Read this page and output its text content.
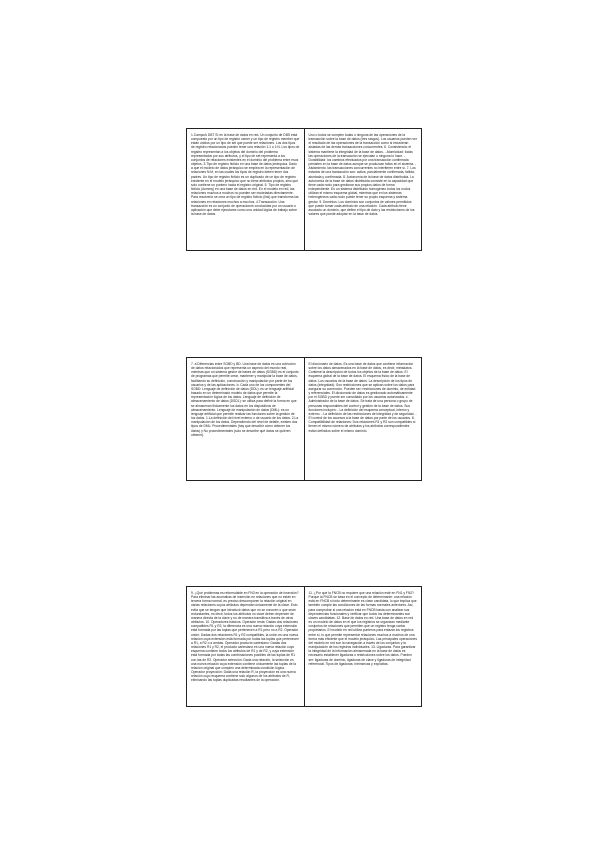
1.Campo/s DBT Sí en la base de datos en red. Un conjunto de DBS está compuesto por un tipo de registro owner y un tipo de registro member que están unidos por un tipo de set que puede ser relaciones. Los dos tipos de registro relacionados pueden tener una relación 1:1 o 1:N. Los tipos de registro representan a los objetos del dominio del problema representados por sus atributos, y el tipo de set representa a los conjuntos de relaciones existentes en el dominio del problema entre esos objetos. 3.Tipo de registro ficticio en una base de datos jerárquica. Dado a que el modelo de datos jerárquico se emplea en la representación de relaciones N:M, en las cuales los tipos de registro deben tener dos padres. Un tipo de registro ficticio es un duplicado de un tipo de registro existente en el modelo jerárquico que no tiene atributos propios, sino que solo contiene un puntero hacia el registro original. 5. Tipo de registro ficticio (dummy) en una base de datos en red. En el modelo en red, las relaciones muchos a muchos no pueden ser modeladas directamente. Para resolverlo se crea un tipo de registro ficticio (link) que transforma las relaciones en relaciones muchos a muchos. 4.Transacción. Una transacción es un conjunto de operaciones conducidas por un usuario o aplicación que debe ejecutarse como una unidad lógica de trabajo sobre la base de datos.

Uno o todos se cumplen todas o ninguna de las operaciones de la transacción sobre la base de datos (tres rasgos). Los usuarios pueden ver el resultado de las operaciones de la transacción como si estuvieran aisladas de las demás transacciones concurrentes. 6. Consistencia: el sistema mantiene la integridad de la base de datos. - Atomicidad: todas las operaciones de la transacción se ejecutan o ninguna lo hace. - Durabilidad: los cambios efectuados por una transacción confirmada persisten en la base de datos aunque se produzcan fallos en el sistema. - Aislamiento: las transacciones concurrentes no interfieren entre sí. 7. Los estados de una transacción son: activa, parcialmente confirmada, fallida, abortada y confirmada. 8. Autonomía de la base de datos distribuida. La autonomía de la base de datos distribuida consiste en la capacidad que tiene cada nodo para gestionar sus propios datos de forma independiente. En un sistema distribuido homogéneo todos los nodos utilizan el mismo esquema global, mientras que en los sistemas heterogéneos cada nodo puede tener su propio esquema y sistema gestor. 9. Dominios. Los dominios son conjuntos de valores permitidos que puede tomar cada atributo de una relación. Cada atributo tiene asociado un dominio, que define el tipo de dato y las restricciones de los valores que puede adoptar en la base de datos.

7. a.Diferencias entre SGBD y BD. Una base de datos es una colección de datos relacionados que representa un aspecto del mundo real, mientras que un sistema gestor de bases de datos (SGBD) es el conjunto de programas que permite crear, mantener y manipular la base de datos, facilitando su definición, construcción y manipulación por parte de los usuarios y de las aplicaciones. b. Cada uno de los componentes del SGBD: Lenguaje de definición de datos (DDL): es un lenguaje artificial basado en un determinado modelo de datos que permite la representación lógica de los datos. Lenguaje de definición de almacenamiento de datos (DSDL): se utiliza para definir la forma en que se almacenan físicamente los datos en los dispositivos de almacenamiento. Lenguaje de manipulación de datos (DML): es un lenguaje artificial que permite realizar las funciones sobre la gestión de los datos. 1.La definición del nivel externo o de usuario de los datos. 2.La manipulación de los datos. Dependiendo del nivel de detalle, existen dos tipos de DML: Procedimentales (hay que describir cómo obtener los datos) y No procedimentales (solo se describe qué datos se quieren obtener).

El diccionario de datos. Es una base de datos que contiene información sobre los datos almacenados en la base de datos, es decir, metadatos. Contiene la descripción de todos los objetos de la base de datos. El esquema global de la base de datos. El esquema físico de la base de datos. Los usuarios de la base de datos. La descripción de los tipos de datos (integridad): Son restricciones que se aplican sobre los datos para asegurar su corrección. Pueden ser: restricciones de dominio, de entidad y referenciales. El diccionario de datos es gestionado automáticamente por el SGBD y puede ser consultado por los usuarios autorizados. c. Administrador de la base de datos. Se trata de una persona o grupo de personas responsables del control y gestión de la base de datos. Sus funciones incluyen: - La definición del esquema conceptual, interno y externo. - La definición de las restricciones de integridad y de seguridad. - El control de los accesos a la base de datos por parte de los usuarios. 8. Compatibilidad de relaciones: Dos relaciones R1 y R2 son compatibles si tienen el mismo número de atributos y los atributos correspondientes están definidos sobre el mismo dominio.

9. ¿Qué problemas es reformulable en FN3 en la operación de inserción? Para eliminar las anomalías de inserción en relaciones que no están en tercera forma normal, es preciso descomponer la relación original en varias relaciones cuyos atributos dependan únicamente de la clave. Esto evita que se tengan que introducir datos que no se conocen o que sean redundantes, es decir, todos los atributos no clave deben depender de manera directa de la clave y no de manera transitiva a través de otros atributos. 10. Operadores básicos. Operador resta: Dadas dos relaciones compatibles R1 y R2, la diferencia es una nueva relación cuya extensión está formada por las tuplas que pertenecen a R1 pero no a R2. Operador unión: Dadas dos relaciones R1 y R2 compatibles, la unión es una nueva relación cuya extensión está formada por todas las tuplas que pertenecen a R1, a R2 o a ambas. Operador producto cartesiano: Dadas dos relaciones R1 y R2, el producto cartesiano es una nueva relación cuyo esquema contiene todos los atributos de R1 y de R2, y cuya extensión está formada por todas las combinaciones posibles de las tuplas de R1 con las de R2. Operador selección: Dada una relación, la selección es una nueva relación cuya extensión contiene únicamente las tuplas de la relación original que cumplen una determinada condición lógica. Operador proyección: Dada una relación R, la proyección es una nueva relación cuyo esquema contiene solo algunos de los atributos de R, eliminando las tuplas duplicadas resultantes de la operación.

11. ¿Por qué la FNCB no requiere que una relación esté en FN1 y FN2? Porque la FNCB se basa en el concepto de determinante: una relación está en FNCB si todo determinante es clave candidata, lo que implica que también cumple las condiciones de las formas normales anteriores. Así, para comprobar si una relación está en FNCB basta con analizar sus dependencias funcionales y verificar que todos los determinantes son claves candidatas. 12. Base de datos en red. Una base de datos en red es un modelo de datos en el que los registros se organizan mediante conjuntos de relaciones que permiten que un registro tenga varios propietarios. El modelo en red utiliza punteros para enlazar los registros entre sí, lo que permite representar relaciones muchos a muchos de una forma más eficiente que el modelo jerárquico. Las principales operaciones del modelo en red son la navegación a través de los conjuntos y la manipulación de los registros individuales. 13. Ligaduras. Para garantizar la integridad de la información almacenada en la base de datos es necesario establecer ligaduras o restricciones sobre los datos. Pueden ser: ligaduras de dominio, ligaduras de clave y ligaduras de integridad referencial. Tipos de ligaduras: intrínsecas y explícitas.
